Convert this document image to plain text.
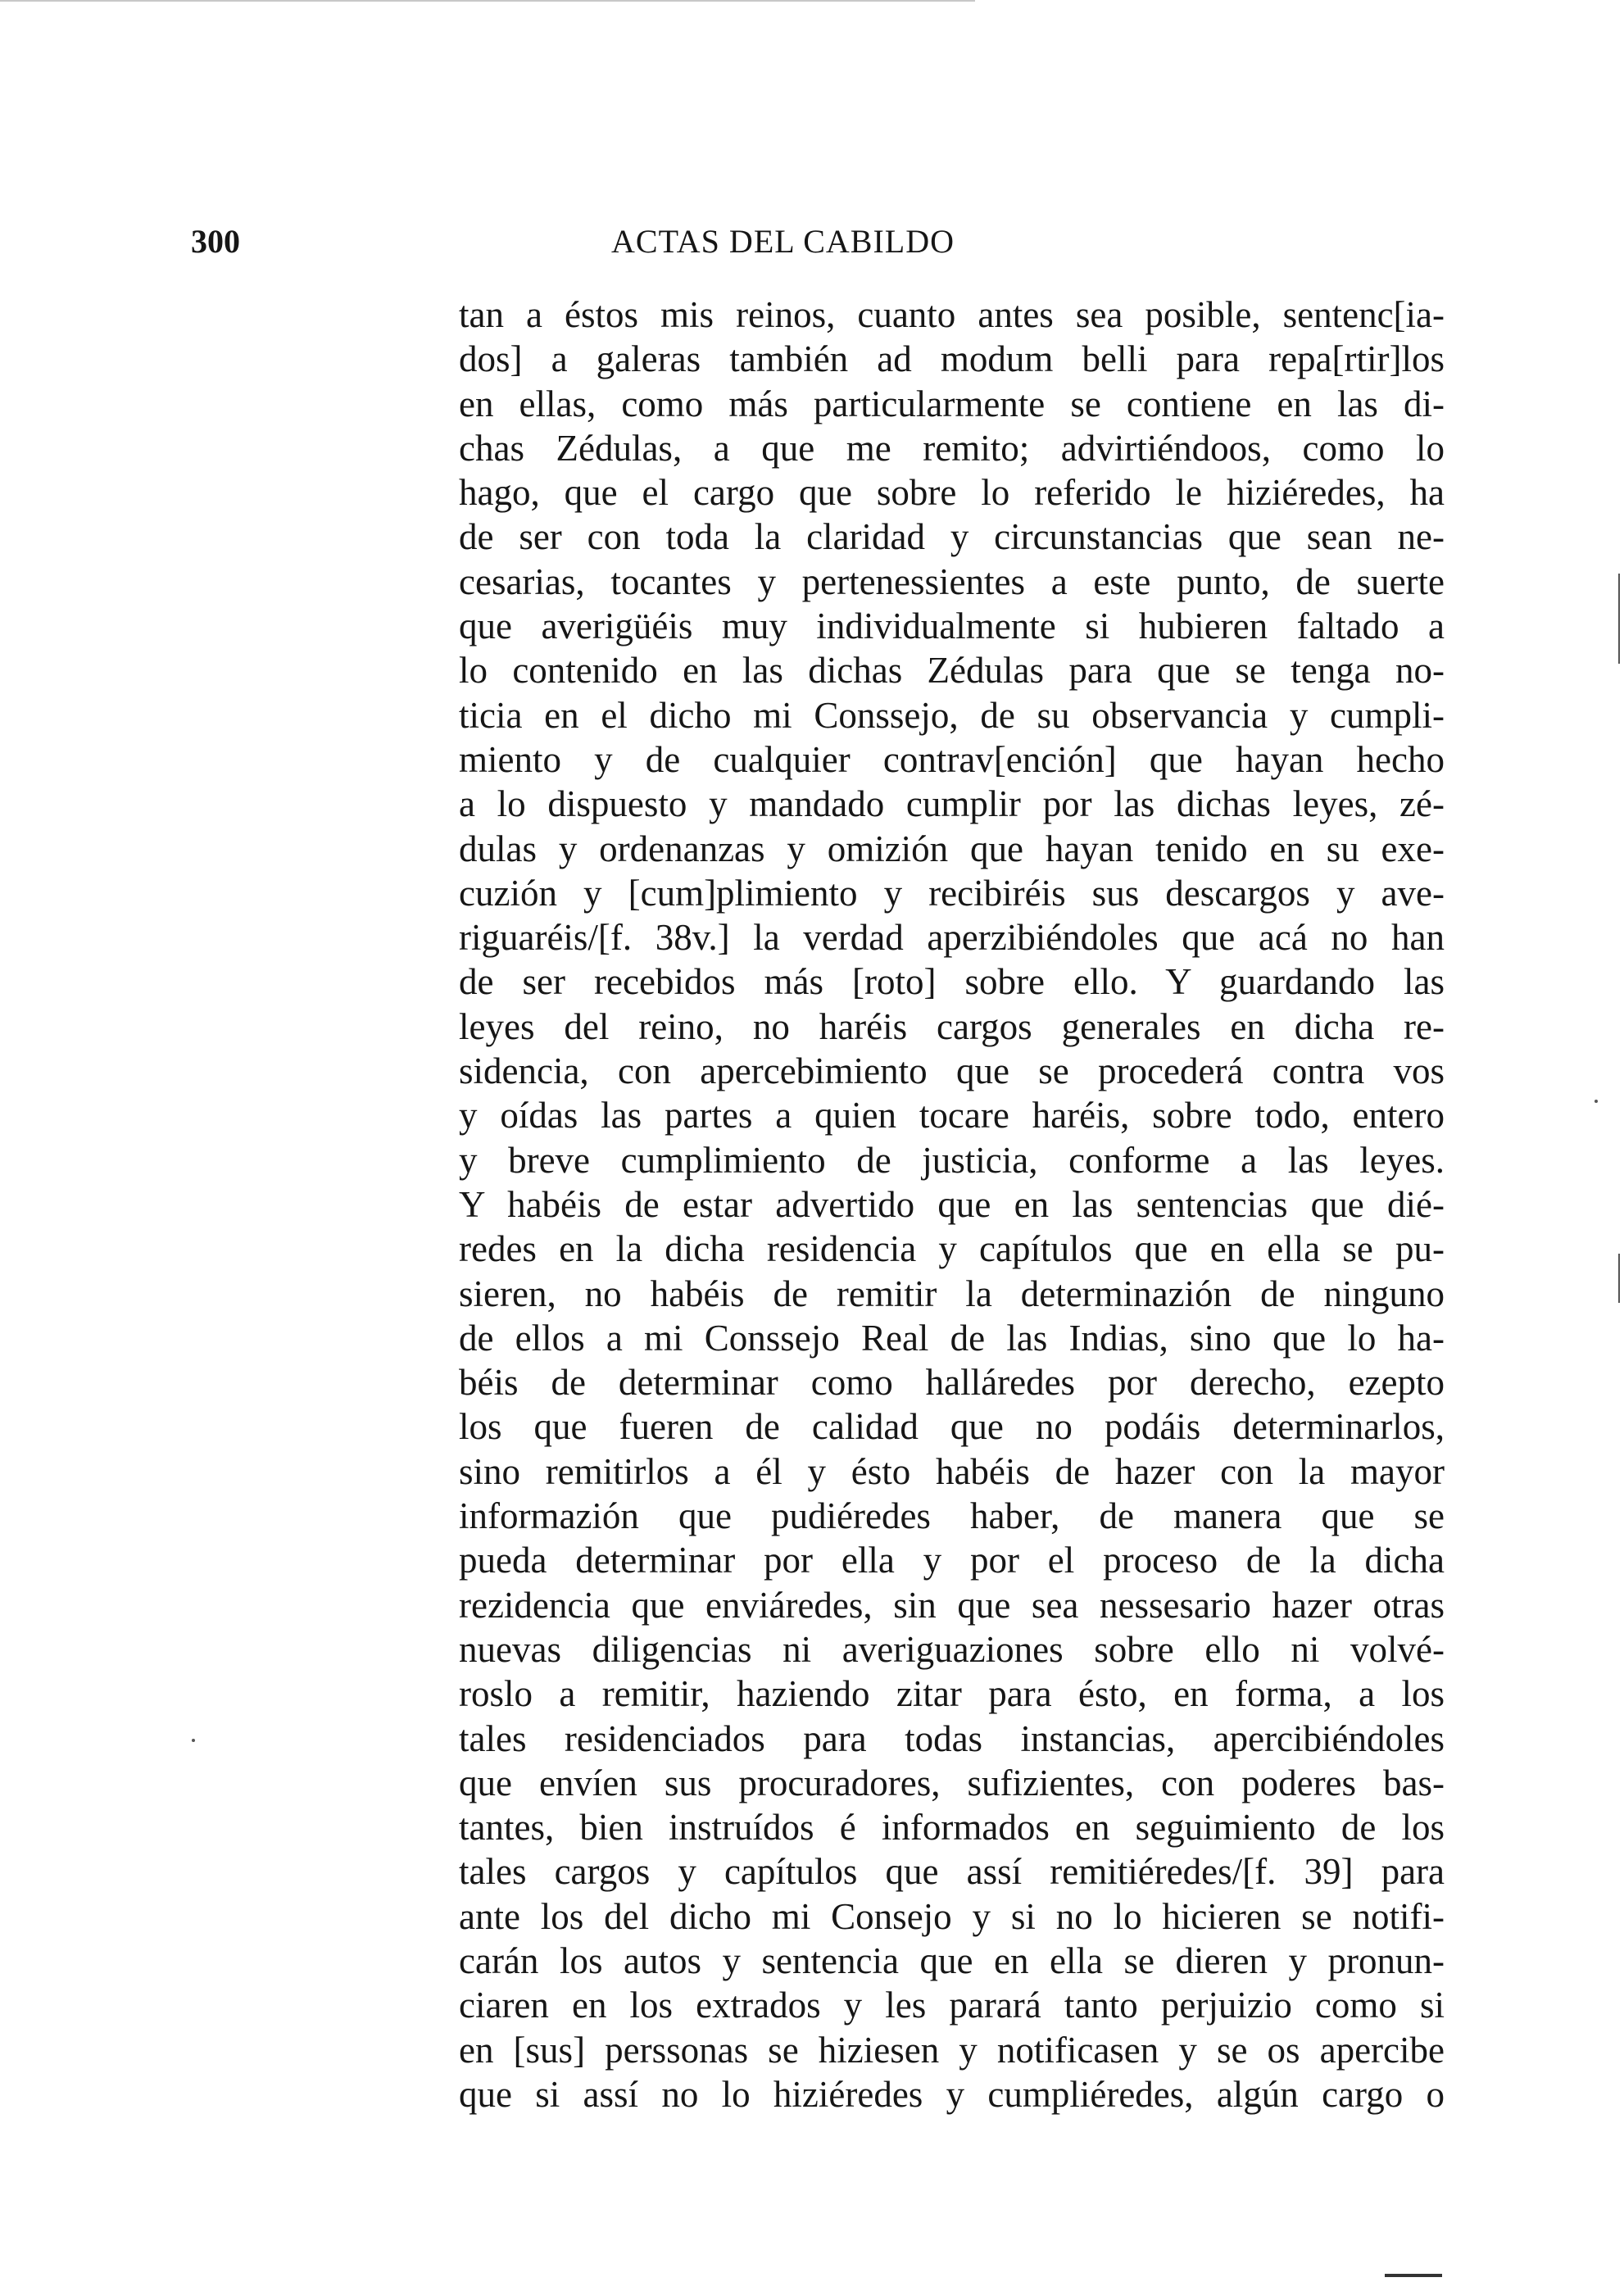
300	ACTAS DEL CABILDO
tan a éstos mis reinos, cuanto antes sea posible, sentenc[ia-
dos] a galeras también ad modum belli para repa[rtir]los
en ellas, como más particularmente se contiene en las di-
chas Zédulas, a que me remito; advirtiéndoos, como lo
hago, que el cargo que sobre lo referido le hiziéredes, ha
de ser con toda la claridad y circunstancias que sean ne-
cesarias, tocantes y pertenessientes a este punto, de suerte
que averigüéis muy individualmente si hubieren faltado a
lo contenido en las dichas Zédulas para que se tenga no-
ticia en el dicho mi Conssejo, de su observancia y cumpli-
miento y de cualquier contrav[ención] que hayan hecho
a lo dispuesto y mandado cumplir por las dichas leyes, zé-
dulas y ordenanzas y omizión que hayan tenido en su exe-
cuzión y [cum]plimiento y recibiréis sus descargos y ave-
riguaréis/[f. 38v.] la verdad aperzibiéndoles que acá no han
de ser recebidos más [roto] sobre ello. Y guardando las
leyes del reino, no haréis cargos generales en dicha re-
sidencia, con apercebimiento que se procederá contra vos
y oídas las partes a quien tocare haréis, sobre todo, entero
y breve cumplimiento de justicia, conforme a las leyes.
Y habéis de estar advertido que en las sentencias que dié-
redes en la dicha residencia y capítulos que en ella se pu-
sieren, no habéis de remitir la determinazión de ninguno
de ellos a mi Conssejo Real de las Indias, sino que lo ha-
béis de determinar como halláredes por derecho, ezepto
los que fueren de calidad que no podáis determinarlos,
sino remitirlos a él y ésto habéis de hazer con la mayor
informazión que pudiéredes haber, de manera que se
pueda determinar por ella y por el proceso de la dicha
rezidencia que enviáredes, sin que sea nessesario hazer otras
nuevas diligencias ni averiguaziones sobre ello ni volvé-
roslo a remitir, haziendo zitar para ésto, en forma, a los
tales residenciados para todas instancias, apercibiéndoles
que envíen sus procuradores, sufizientes, con poderes bas-
tantes, bien instruídos é informados en seguimiento de los
tales cargos y capítulos que assí remitiéredes/[f. 39] para
ante los del dicho mi Consejo y si no lo hicieren se notifi-
carán los autos y sentencia que en ella se dieren y pronun-
ciaren en los extrados y les parará tanto perjuizio como si
en [sus] perssonas se hiziesen y notificasen y se os apercibe
que si assí no lo hiziéredes y cumpliéredes, algún cargo o
